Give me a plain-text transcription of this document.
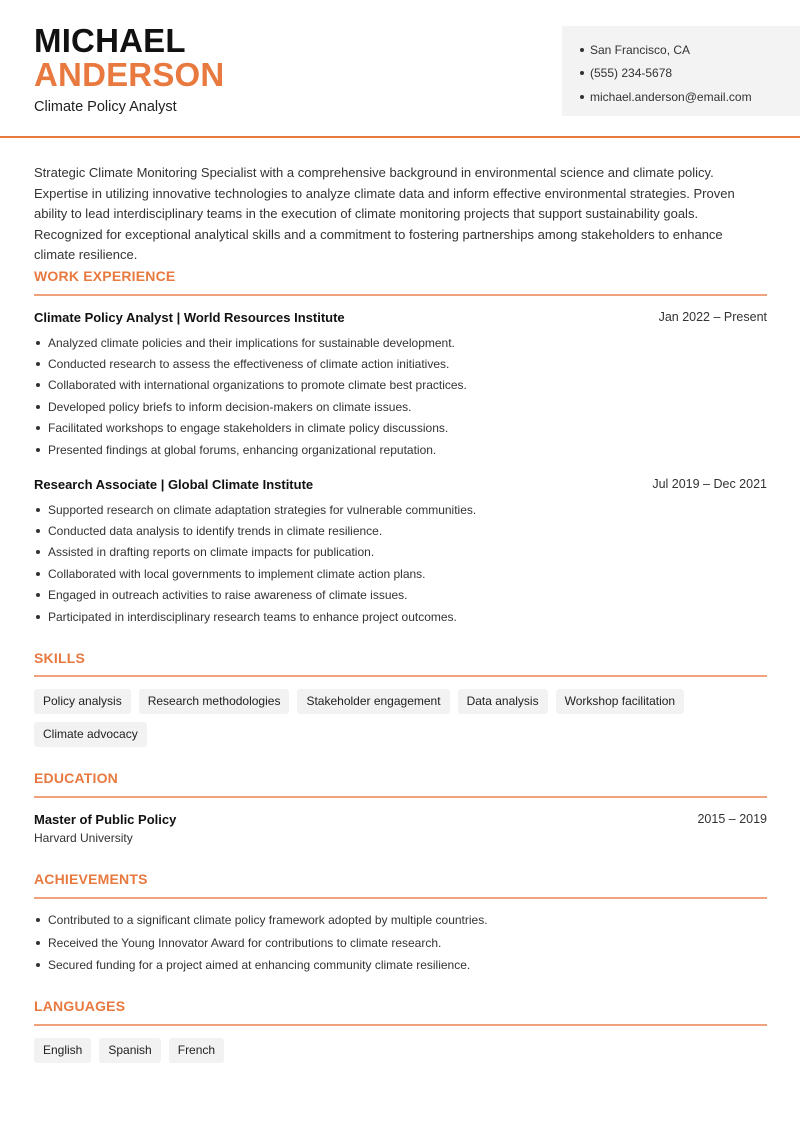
MICHAEL
ANDERSON
Climate Policy Analyst
San Francisco, CA
(555) 234-5678
michael.anderson@email.com

Strategic Climate Monitoring Specialist with a comprehensive background in environmental science and climate policy. Expertise in utilizing innovative technologies to analyze climate data and inform effective environmental strategies. Proven ability to lead interdisciplinary teams in the execution of climate monitoring projects that support sustainability goals. Recognized for exceptional analytical skills and a commitment to fostering partnerships among stakeholders to enhance climate resilience.

WORK EXPERIENCE
Climate Policy Analyst | World Resources Institute	Jan 2022 – Present
Analyzed climate policies and their implications for sustainable development.
Conducted research to assess the effectiveness of climate action initiatives.
Collaborated with international organizations to promote climate best practices.
Developed policy briefs to inform decision-makers on climate issues.
Facilitated workshops to engage stakeholders in climate policy discussions.
Presented findings at global forums, enhancing organizational reputation.
Research Associate | Global Climate Institute	Jul 2019 – Dec 2021
Supported research on climate adaptation strategies for vulnerable communities.
Conducted data analysis to identify trends in climate resilience.
Assisted in drafting reports on climate impacts for publication.
Collaborated with local governments to implement climate action plans.
Engaged in outreach activities to raise awareness of climate issues.
Participated in interdisciplinary research teams to enhance project outcomes.
SKILLS
Policy analysis	Research methodologies	Stakeholder engagement	Data analysis	Workshop facilitation
Climate advocacy
EDUCATION
Master of Public Policy	2015 – 2019
Harvard University
ACHIEVEMENTS
Contributed to a significant climate policy framework adopted by multiple countries.
Received the Young Innovator Award for contributions to climate research.
Secured funding for a project aimed at enhancing community climate resilience.
LANGUAGES
English	Spanish	French
